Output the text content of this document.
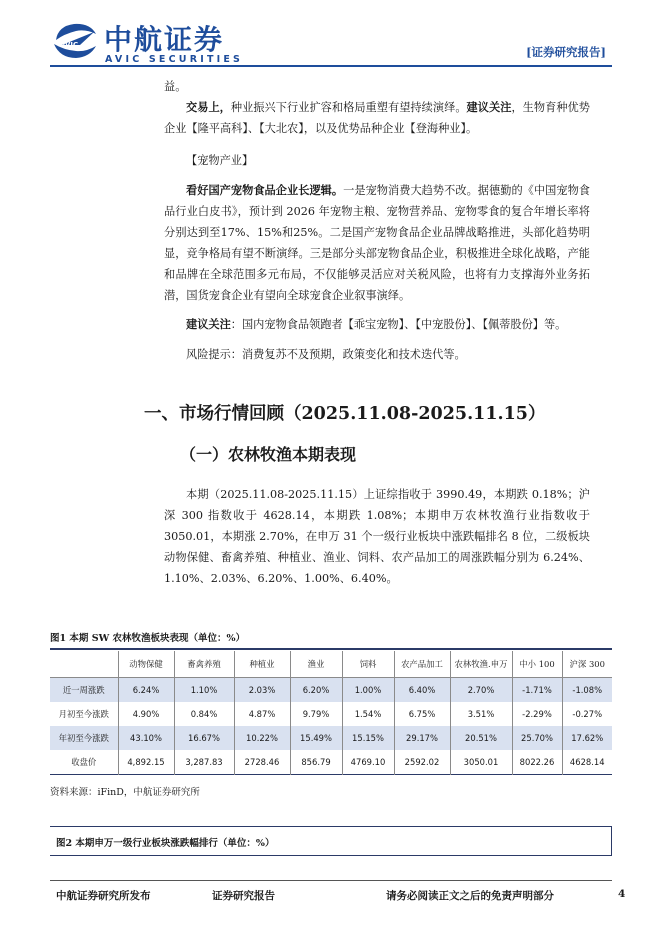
AVIC 中航证券
AVIC SECURITIES
[证券研究报告]

益。

交易上，种业振兴下行业扩容和格局重塑有望持续演绎。建议关注，生物育种优势企业【隆平高科】、【大北农】，以及优势品种企业【登海种业】。

【宠物产业】

看好国产宠物食品企业长逻辑。一是宠物消费大趋势不改。据德勤的《中国宠物食品行业白皮书》，预计到 2026 年宠物主粮、宠物营养品、宠物零食的复合年增长率将分别达到至17%、15%和25%。二是国产宠物食品企业品牌战略推进，头部化趋势明显，竞争格局有望不断演绎。三是部分头部宠物食品企业，积极推进全球化战略，产能和品牌在全球范围多元布局，不仅能够灵活应对关税风险，也将有力支撑海外业务拓潜，国货宠食企业有望向全球宠食企业叙事演绎。

建议关注：国内宠物食品领跑者【乖宝宠物】、【中宠股份】、【佩蒂股份】等。

风险提示：消费复苏不及预期，政策变化和技术迭代等。

一、市场行情回顾（2025.11.08-2025.11.15）
（一）农林牧渔本期表现

本期（2025.11.08-2025.11.15）上证综指收于 3990.49，本期跌 0.18%；沪深 300 指数收于 4628.14，本期跌 1.08%；本期申万农林牧渔行业指数收于 3050.01，本期涨 2.70%，在申万 31 个一级行业板块中涨跌幅排名 8 位，二级板块动物保健、畜禽养殖、种植业、渔业、饲料、农产品加工的周涨跌幅分别为 6.24%、1.10%、2.03%、6.20%、1.00%、6.40%。

图1 本期 SW 农林牧渔板块表现（单位：%）
	动物保健	畜禽养殖	种植业	渔业	饲料	农产品加工	农林牧渔.申万	中小 100	沪深 300
近一周涨跌	6.24%	1.10%	2.03%	6.20%	1.00%	6.40%	2.70%	-1.71%	-1.08%
月初至今涨跌	4.90%	0.84%	4.87%	9.79%	1.54%	6.75%	3.51%	-2.29%	-0.27%
年初至今涨跌	43.10%	16.67%	10.22%	15.49%	15.15%	29.17%	20.51%	25.70%	17.62%
收盘价	4,892.15	3,287.83	2728.46	856.79	4769.10	2592.02	3050.01	8022.26	4628.14
资料来源：iFinD，中航证券研究所
图2 本期申万一级行业板块涨跌幅排行（单位：%）
中航证券研究所发布	证券研究报告	请务必阅读正文之后的免责声明部分	4
